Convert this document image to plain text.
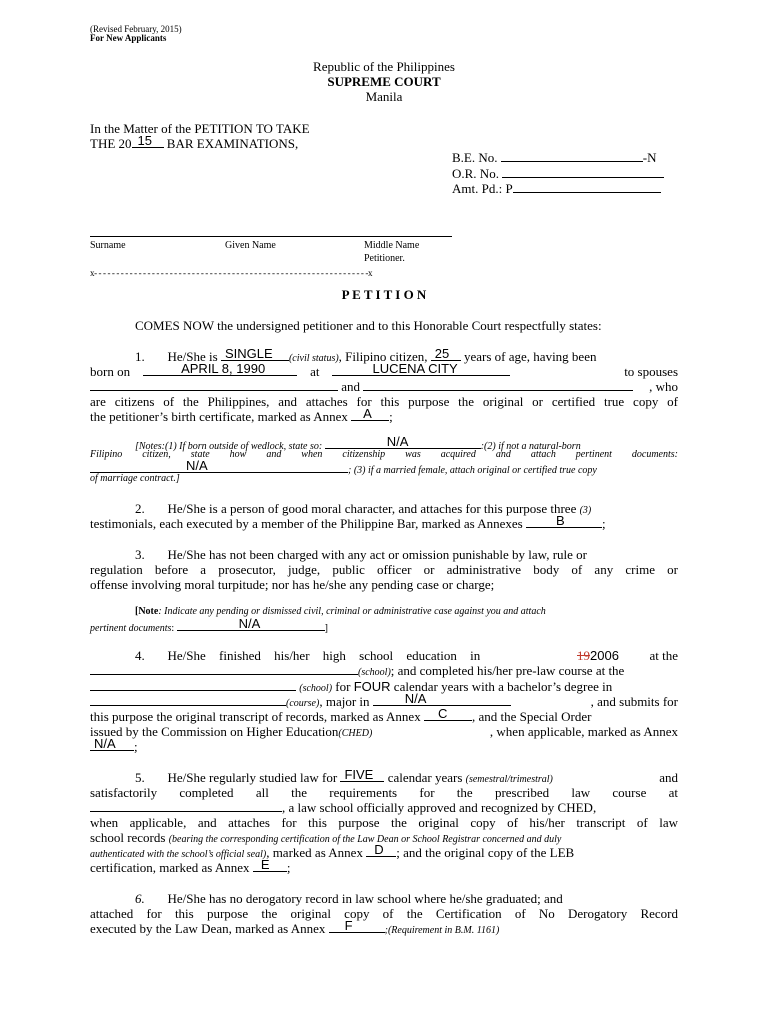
(Revised February, 2015)
For New Applicants
Republic of the Philippines
SUPREME COURT
Manila
In the Matter of the PETITION TO TAKE
THE 20 15 BAR EXAMINATIONS,
B.E. No.	-N
O.R. No.
Amt. Pd.: P
Surname	Given Name	Middle Name
Petitioner.
x- - - - - - - - - - - - - - - - - - - - - - - - - - - - - - - - - - - - - - - - - - - - - - - - - - - - - - - - - - - - - -x
P E T I T I O N
COMES NOW the undersigned petitioner and to this Honorable Court respectfully states:
1. He/She is SINGLE (civil status), Filipino citizen, 25 years of age, having been
born on	APRIL 8, 1990	at	LUCENA CITY
	to spouses
and	, who
are citizens of the Philippines, and attaches for this purpose the original or certified true copy of
the petitioner’s birth certificate, marked as Annex A ;
[Notes:(1) If born outside of wedlock, state so:	N/A	:(2) if not a natural-born
Filipino citizen, state how and when citizenship was acquired and attach pertinent documents:
N/A	; (3) if a married female, attach original or certified true copy
of marriage contract.]
2. He/She is a person of good moral character, and attaches for this purpose three (3)
testimonials, each executed by a member of the Philippine Bar, marked as Annexes	B	;
3. He/She has not been charged with any act or omission punishable by law, rule or
regulation before a prosecutor, judge, public officer or administrative body of any crime or
offense involving moral turpitude; nor has he/she any pending case or charge;
[Note: Indicate any pending or dismissed civil, criminal or administrative case against you and attach
pertinent documents:	N/A	]
4. He/She finished his/her high school education in	192006 at the
(school); and completed his/her pre-law course at the
(school) for FOUR calendar years with a bachelor’s degree in
(course), major in	N/A	, and submits for
this purpose the original transcript of records, marked as Annex C , and the Special Order
issued by the Commission on Higher Education(CHED)	, when applicable, marked as Annex
N/A ;
5. He/She regularly studied law for FIVE calendar years (semestral/trimestral)	and
satisfactorily completed all the requirements for the prescribed law course at
, a law school officially approved and recognized by CHED,
when applicable, and attaches for this purpose the original copy of his/her transcript of law
school records (bearing the corresponding certification of the Law Dean or School Registrar concerned and duly
authenticated with the school’s official seal), marked as Annex D ; and the original copy of the LEB
certification, marked as Annex E ;
6. He/She has no derogatory record in law school where he/she graduated; and
attached for this purpose the original copy of the Certification of No Derogatory Record
executed by the Law Dean, marked as Annex F	;(Requirement in B.M. 1161)
